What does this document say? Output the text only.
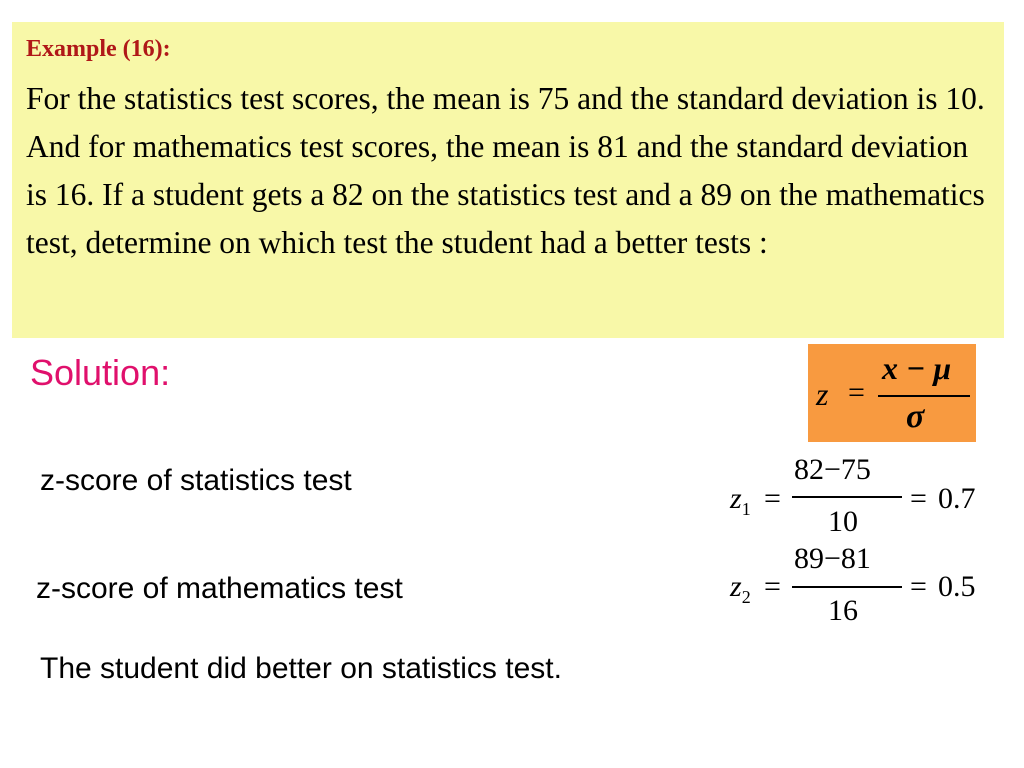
Example (16):

For the statistics test scores, the mean is 75 and the standard deviation is 10. And for mathematics test scores, the mean is 81 and the standard deviation is 16. If a student gets a 82 on the statistics test and a 89 on the mathematics test, determine on which test the student had a better tests :

Solution:
z =
x − μ
σ
z-score of statistics test
$z_1$ =
82−75
10
= 0.7
z-score of mathematics test	$z_2$ =
89−81
16
= 0.5
The student did better on statistics test.
